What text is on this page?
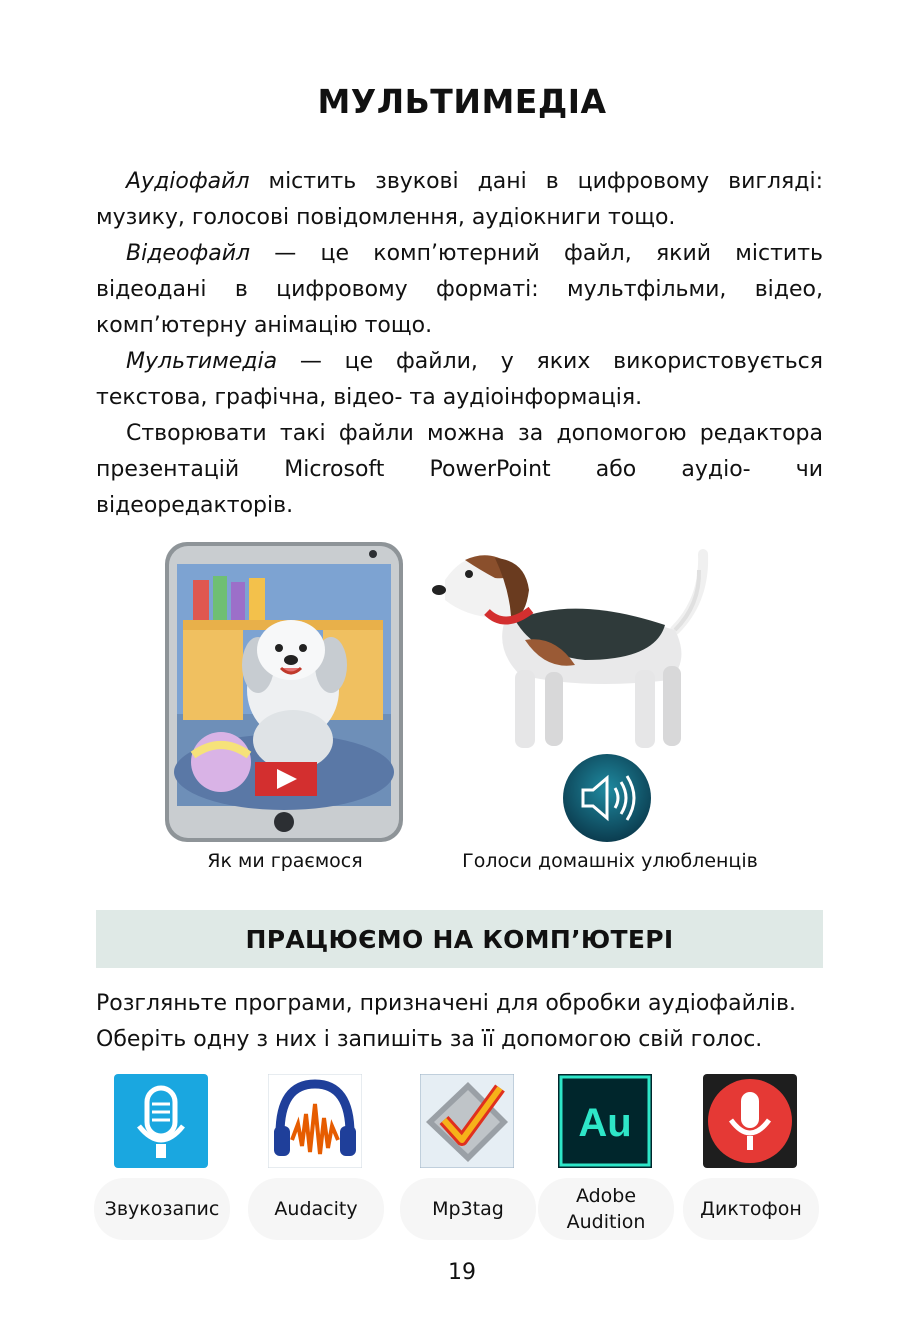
МУЛЬТИМЕДІА

Аудіофайл містить звукові дані в цифровому вигляді: музику, голосові повідомлення, аудіокниги тощо.

Відеофайл — це комп’ютерний файл, який містить відеодані в цифровому форматі: мультфільми, відео, комп’ютерну анімацію тощо.

Мультимедіа — це файли, у яких використовується текстова, графічна, відео- та аудіоінформація.

Створювати такі файли можна за допомогою редактора презентацій Microsoft PowerPoint або аудіо- чи відеоредакторів.

Як ми граємося	Голоси домашніх улюбленців
ПРАЦЮЄМО НА КОМП’ЮТЕРІ
Розгляньте програми, призначені для обробки аудіофайлів. Оберіть одну з них і запишіть за її допомогою свій голос.
Звукозапис	Audacity	Mp3tag
Au
Adobe Audition
Диктофон
19
